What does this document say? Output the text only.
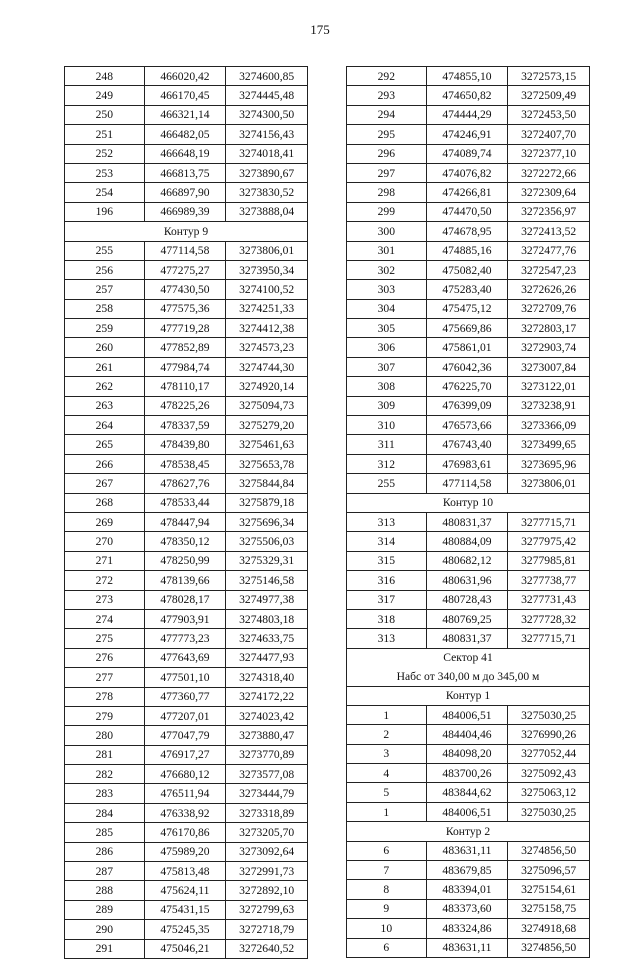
175
248	466020,42	3274600,85
249	466170,45	3274445,48
250	466321,14	3274300,50
251	466482,05	3274156,43
252	466648,19	3274018,41
253	466813,75	3273890,67
254	466897,90	3273830,52
196	466989,39	3273888,04
Контур 9		
255	477114,58	3273806,01
256	477275,27	3273950,34
257	477430,50	3274100,52
258	477575,36	3274251,33
259	477719,28	3274412,38
260	477852,89	3274573,23
261	477984,74	3274744,30
262	478110,17	3274920,14
263	478225,26	3275094,73
264	478337,59	3275279,20
265	478439,80	3275461,63
266	478538,45	3275653,78
267	478627,76	3275844,84
268	478533,44	3275879,18
269	478447,94	3275696,34
270	478350,12	3275506,03
271	478250,99	3275329,31
272	478139,66	3275146,58
273	478028,17	3274977,38
274	477903,91	3274803,18
275	477773,23	3274633,75
276	477643,69	3274477,93
277	477501,10	3274318,40
278	477360,77	3274172,22
279	477207,01	3274023,42
280	477047,79	3273880,47
281	476917,27	3273770,89
282	476680,12	3273577,08
283	476511,94	3273444,79
284	476338,92	3273318,89
285	476170,86	3273205,70
286	475989,20	3273092,64
287	475813,48	3272991,73
288	475624,11	3272892,10
289	475431,15	3272799,63
290	475245,35	3272718,79
291	475046,21	3272640,52
292	474855,10	3272573,15
293	474650,82	3272509,49
294	474444,29	3272453,50
295	474246,91	3272407,70
296	474089,74	3272377,10
297	474076,82	3272272,66
298	474266,81	3272309,64
299	474470,50	3272356,97
300	474678,95	3272413,52
301	474885,16	3272477,76
302	475082,40	3272547,23
303	475283,40	3272626,26
304	475475,12	3272709,76
305	475669,86	3272803,17
306	475861,01	3272903,74
307	476042,36	3273007,84
308	476225,70	3273122,01
309	476399,09	3273238,91
310	476573,66	3273366,09
311	476743,40	3273499,65
312	476983,61	3273695,96
255	477114,58	3273806,01
Контур 10		
313	480831,37	3277715,71
314	480884,09	3277975,42
315	480682,12	3277985,81
316	480631,96	3277738,77
317	480728,43	3277731,43
318	480769,25	3277728,32
313	480831,37	3277715,71
Сектор 41		
Набс от 340,00 м до 345,00 м		
Контур 1		
1	484006,51	3275030,25
2	484404,46	3276990,26
3	484098,20	3277052,44
4	483700,26	3275092,43
5	483844,62	3275063,12
1	484006,51	3275030,25
Контур 2		
6	483631,11	3274856,50
7	483679,85	3275096,57
8	483394,01	3275154,61
9	483373,60	3275158,75
10	483324,86	3274918,68
6	483631,11	3274856,50
